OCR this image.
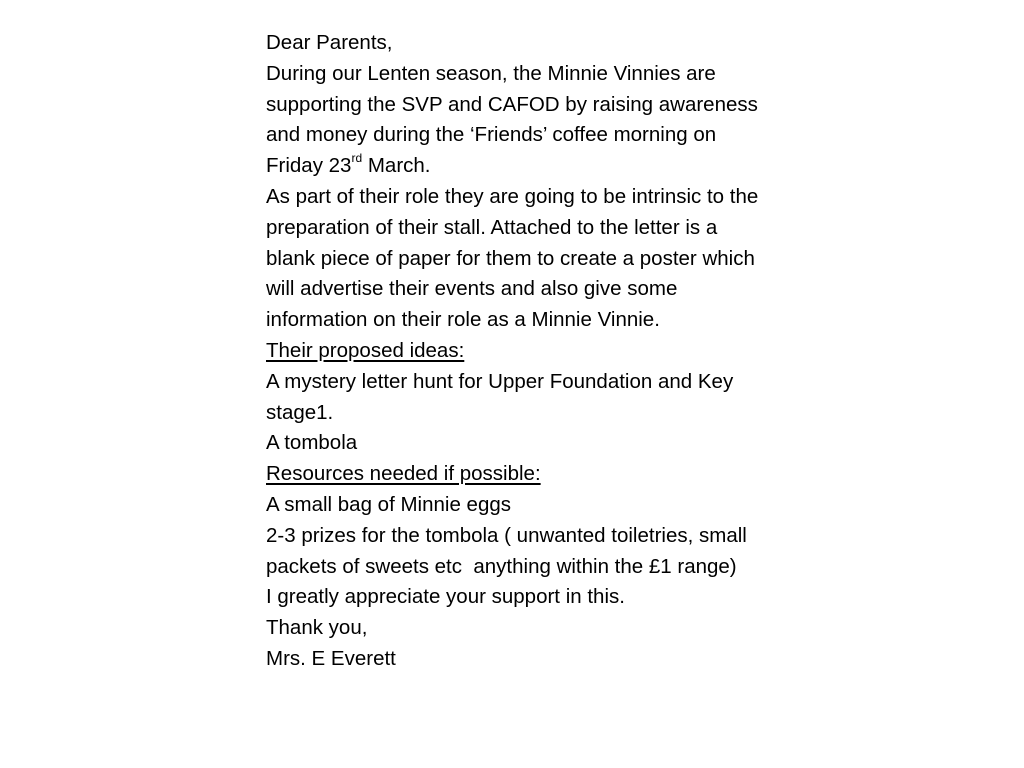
Dear Parents,
During our Lenten season, the Minnie Vinnies are
supporting the SVP and CAFOD by raising awareness
and money during the ‘Friends’ coffee morning on
Friday 23rd March.
As part of their role they are going to be intrinsic to the
preparation of their stall. Attached to the letter is a
blank piece of paper for them to create a poster which
will advertise their events and also give some
information on their role as a Minnie Vinnie.
Their proposed ideas:
A mystery letter hunt for Upper Foundation and Key
stage1.
A tombola
Resources needed if possible:
A small bag of Minnie eggs
2-3 prizes for the tombola ( unwanted toiletries, small
packets of sweets etc  anything within the £1 range)
I greatly appreciate your support in this.
Thank you,
Mrs. E Everett
